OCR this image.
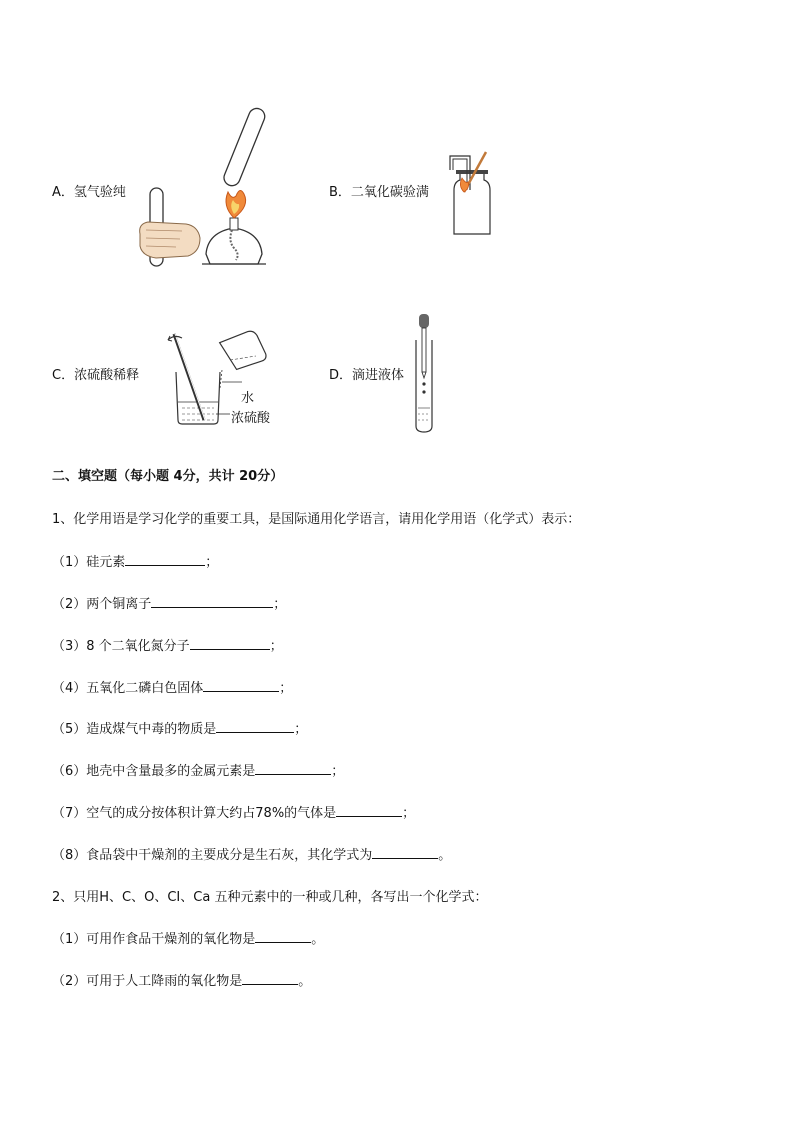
A．氢气验纯	B．二氧化碳验满
C．浓硫酸稀释
水
浓硫酸
D．滴进液体
二、填空题（每小题 4分，共计 20分）
1、化学用语是学习化学的重要工具，是国际通用化学语言，请用化学用语（化学式）表示：
（1）硅元素	；
（2）两个铜离子	；
（3）8 个二氧化氮分子	；
（4）五氧化二磷白色固体	；
（5）造成煤气中毒的物质是	；
（6）地壳中含量最多的金属元素是	；
（7）空气的成分按体积计算大约占78%的气体是	；
（8）食品袋中干燥剂的主要成分是生石灰，其化学式为	。
2、只用H、C、O、CI、Ca 五种元素中的一种或几种，各写出一个化学式：
（1）可用作食品干燥剂的氧化物是	。
（2）可用于人工降雨的氧化物是	。
